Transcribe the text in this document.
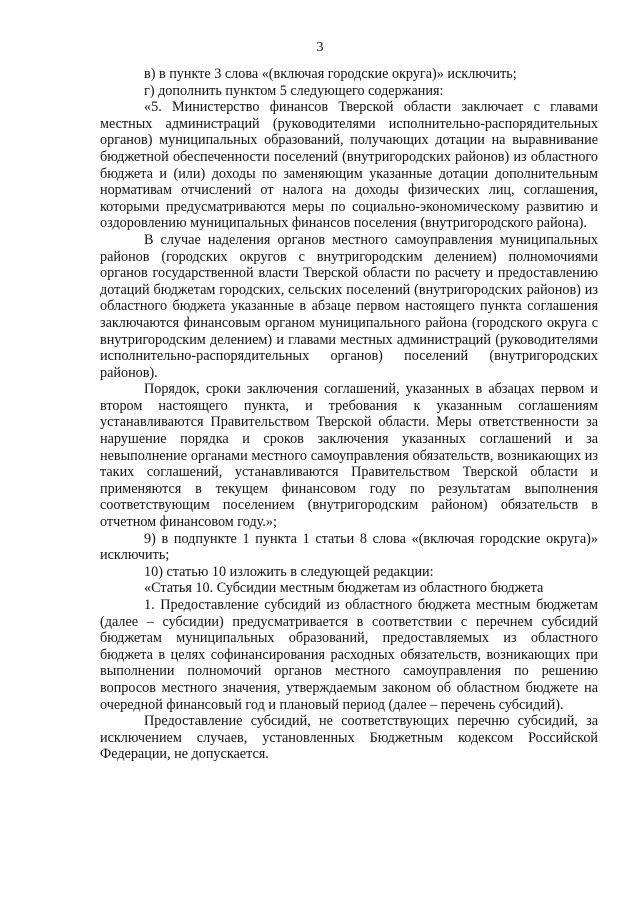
3

в) в пункте 3 слова «(включая городские округа)» исключить;

г) дополнить пунктом 5 следующего содержания:

«5. Министерство финансов Тверской области заключает с главами местных администраций (руководителями исполнительно-распорядительных органов) муниципальных образований, получающих дотации на выравнивание бюджетной обеспеченности поселений (внутригородских районов) из областного бюджета и (или) доходы по заменяющим указанные дотации дополнительным нормативам отчислений от налога на доходы физических лиц, соглашения, которыми предусматриваются меры по социально-экономическому развитию и оздоровлению муниципальных финансов поселения (внутригородского района).

В случае наделения органов местного самоуправления муниципальных районов (городских округов с внутригородским делением) полномочиями органов государственной власти Тверской области по расчету и предоставлению дотаций бюджетам городских, сельских поселений (внутригородских районов) из областного бюджета указанные в абзаце первом настоящего пункта соглашения заключаются финансовым органом муниципального района (городского округа с внутригородским делением) и главами местных администраций (руководителями исполнительно-распорядительных органов) поселений (внутригородских районов).

Порядок, сроки заключения соглашений, указанных в абзацах первом и втором настоящего пункта, и требования к указанным соглашениям устанавливаются Правительством Тверской области. Меры ответственности за нарушение порядка и сроков заключения указанных соглашений и за невыполнение органами местного самоуправления обязательств, возникающих из таких соглашений, устанавливаются Правительством Тверской области и применяются в текущем финансовом году по результатам выполнения соответствующим поселением (внутригородским районом) обязательств в отчетном финансовом году.»;

9) в подпункте 1 пункта 1 статьи 8 слова «(включая городские округа)» исключить;

10) статью 10 изложить в следующей редакции:

«Статья 10. Субсидии местным бюджетам из областного бюджета

1. Предоставление субсидий из областного бюджета местным бюджетам (далее – субсидии) предусматривается в соответствии с перечнем субсидий бюджетам муниципальных образований, предоставляемых из областного бюджета в целях софинансирования расходных обязательств, возникающих при выполнении полномочий органов местного самоуправления по решению вопросов местного значения, утверждаемым законом об областном бюджете на очередной финансовый год и плановый период (далее – перечень субсидий).

Предоставление субсидий, не соответствующих перечню субсидий, за исключением случаев, установленных Бюджетным кодексом Российской Федерации, не допускается.
